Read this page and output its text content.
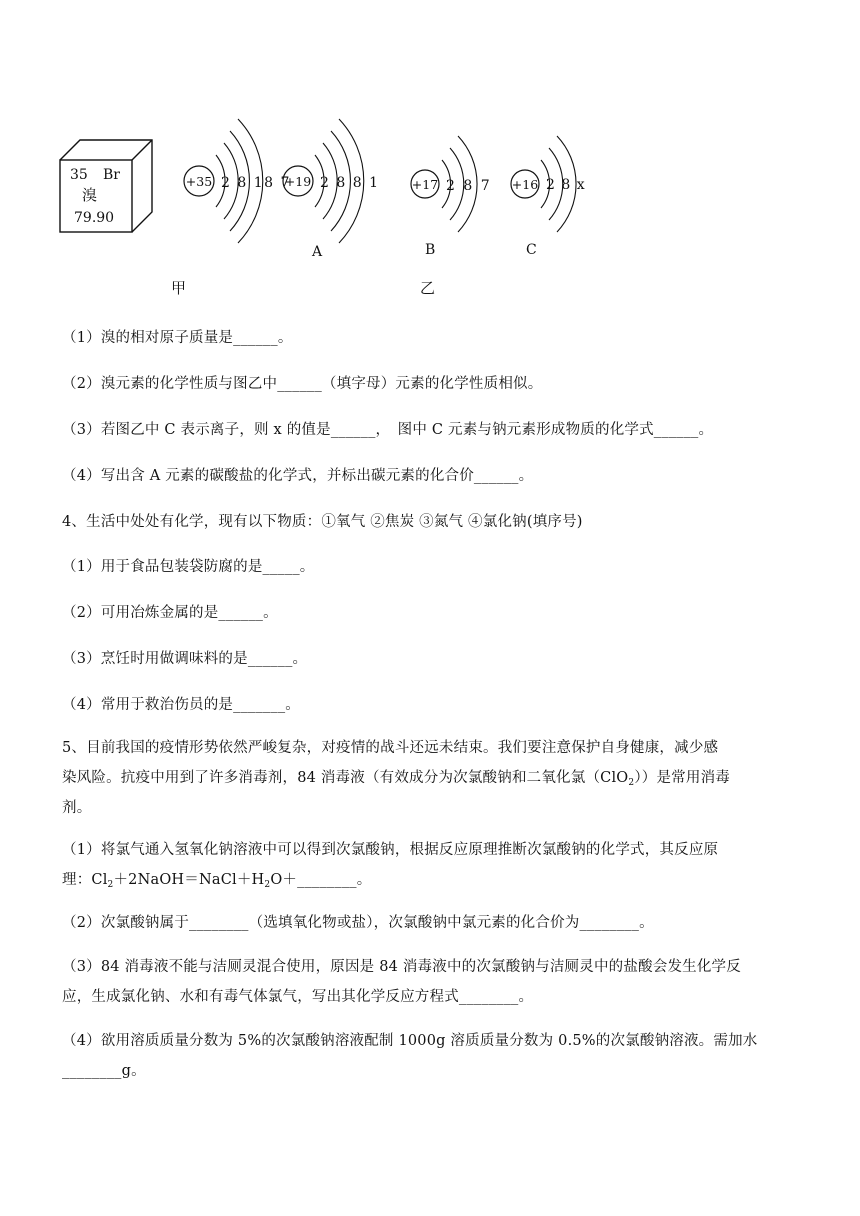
35 Br
溴
79.90
+35 2 8 18 7
+19 2 8 8 1
A
+17 2 8 7
B
+16 2 8 x
C
甲	乙
（1）溴的相对原子质量是______。
（2）溴元素的化学性质与图乙中______（填字母）元素的化学性质相似。
（3）若图乙中 C 表示离子，则 x 的值是______，　图中 C 元素与钠元素形成物质的化学式______。
（4）写出含 A 元素的碳酸盐的化学式，并标出碳元素的化合价______。
4、生活中处处有化学，现有以下物质：①氧气 ②焦炭 ③氮气 ④氯化钠(填序号)
（1）用于食品包装袋防腐的是_____。
（2）可用冶炼金属的是______。
（3）烹饪时用做调味料的是______。
（4）常用于救治伤员的是_______。
5、目前我国的疫情形势依然严峻复杂，对疫情的战斗还远未结束。我们要注意保护自身健康，减少感
染风险。抗疫中用到了许多消毒剂，84 消毒液（有效成分为次氯酸钠和二氧化氯（ClO$_2$））是常用消毒
剂。
（1）将氯气通入氢氧化钠溶液中可以得到次氯酸钠，根据反应原理推断次氯酸钠的化学式，其反应原
理：$Cl_2+2NaOH=NaCl+H_2O+\_\_\_\_\_\_\_\_$。
（2）次氯酸钠属于________（选填氧化物或盐），次氯酸钠中氯元素的化合价为________。
（3）84 消毒液不能与洁厕灵混合使用，原因是 84 消毒液中的次氯酸钠与洁厕灵中的盐酸会发生化学反
应，生成氯化钠、水和有毒气体氯气，写出其化学反应方程式________。
（4）欲用溶质质量分数为 5%的次氯酸钠溶液配制 1000g 溶质质量分数为 0.5%的次氯酸钠溶液。需加水
________g。
